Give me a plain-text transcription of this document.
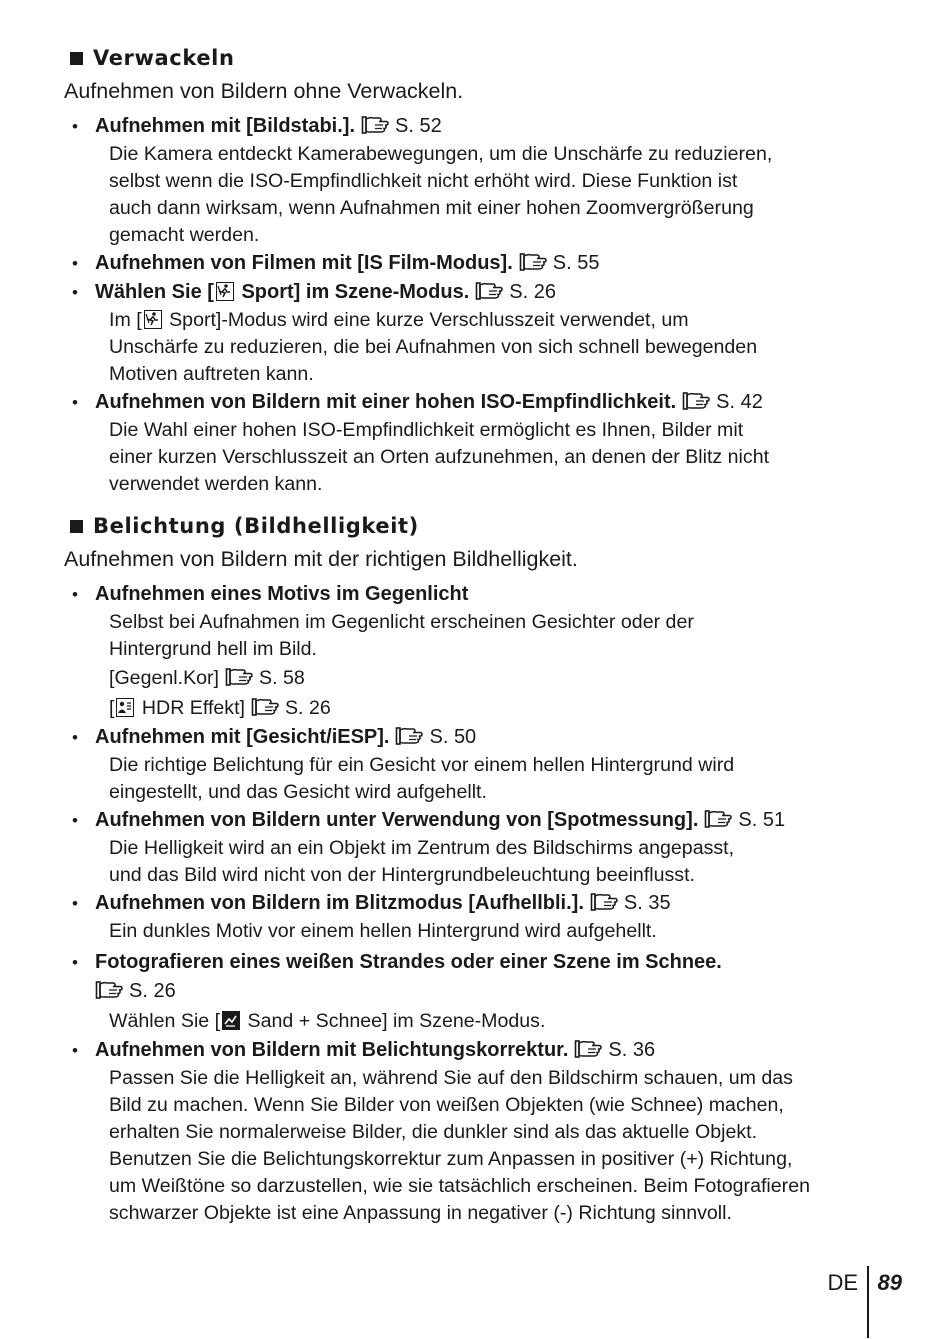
Verwackeln
Aufnehmen von Bildern ohne Verwackeln.
• Aufnehmen mit [Bildstabi.]. S. 52
Die Kamera entdeckt Kamerabewegungen, um die Unschärfe zu reduzieren,
selbst wenn die ISO-Empfindlichkeit nicht erhöht wird. Diese Funktion ist
auch dann wirksam, wenn Aufnahmen mit einer hohen Zoomvergrößerung
gemacht werden.
• Aufnehmen von Filmen mit [IS Film-Modus]. S. 55
• Wählen Sie [
Sport] im Szene-Modus. S. 26
Im [
Sport]-Modus wird eine kurze Verschlusszeit verwendet, um
Unschärfe zu reduzieren, die bei Aufnahmen von sich schnell bewegenden
Motiven auftreten kann.
• Aufnehmen von Bildern mit einer hohen ISO-Empfindlichkeit. S. 42
Die Wahl einer hohen ISO-Empfindlichkeit ermöglicht es Ihnen, Bilder mit
einer kurzen Verschlusszeit an Orten aufzunehmen, an denen der Blitz nicht
verwendet werden kann.
Belichtung (Bildhelligkeit)
Aufnehmen von Bildern mit der richtigen Bildhelligkeit.
• Aufnehmen eines Motivs im Gegenlicht
Selbst bei Aufnahmen im Gegenlicht erscheinen Gesichter oder der
Hintergrund hell im Bild.
[Gegenl.Kor] S. 58
[
HDR Effekt] S. 26
• Aufnehmen mit [Gesicht/iESP]. S. 50
Die richtige Belichtung für ein Gesicht vor einem hellen Hintergrund wird
eingestellt, und das Gesicht wird aufgehellt.
• Aufnehmen von Bildern unter Verwendung von [Spotmessung]. S. 51
Die Helligkeit wird an ein Objekt im Zentrum des Bildschirms angepasst,
und das Bild wird nicht von der Hintergrundbeleuchtung beeinflusst.
• Aufnehmen von Bildern im Blitzmodus [Aufhellbli.]. S. 35
Ein dunkles Motiv vor einem hellen Hintergrund wird aufgehellt.
• Fotografieren eines weißen Strandes oder einer Szene im Schnee.
S. 26
Wählen Sie [
Sand + Schnee] im Szene-Modus.
• Aufnehmen von Bildern mit Belichtungskorrektur. S. 36
Passen Sie die Helligkeit an, während Sie auf den Bildschirm schauen, um das
Bild zu machen. Wenn Sie Bilder von weißen Objekten (wie Schnee) machen,
erhalten Sie normalerweise Bilder, die dunkler sind als das aktuelle Objekt.
Benutzen Sie die Belichtungskorrektur zum Anpassen in positiver (+) Richtung,
um Weißtöne so darzustellen, wie sie tatsächlich erscheinen. Beim Fotografieren
schwarzer Objekte ist eine Anpassung in negativer (-) Richtung sinnvoll.
DE 89
